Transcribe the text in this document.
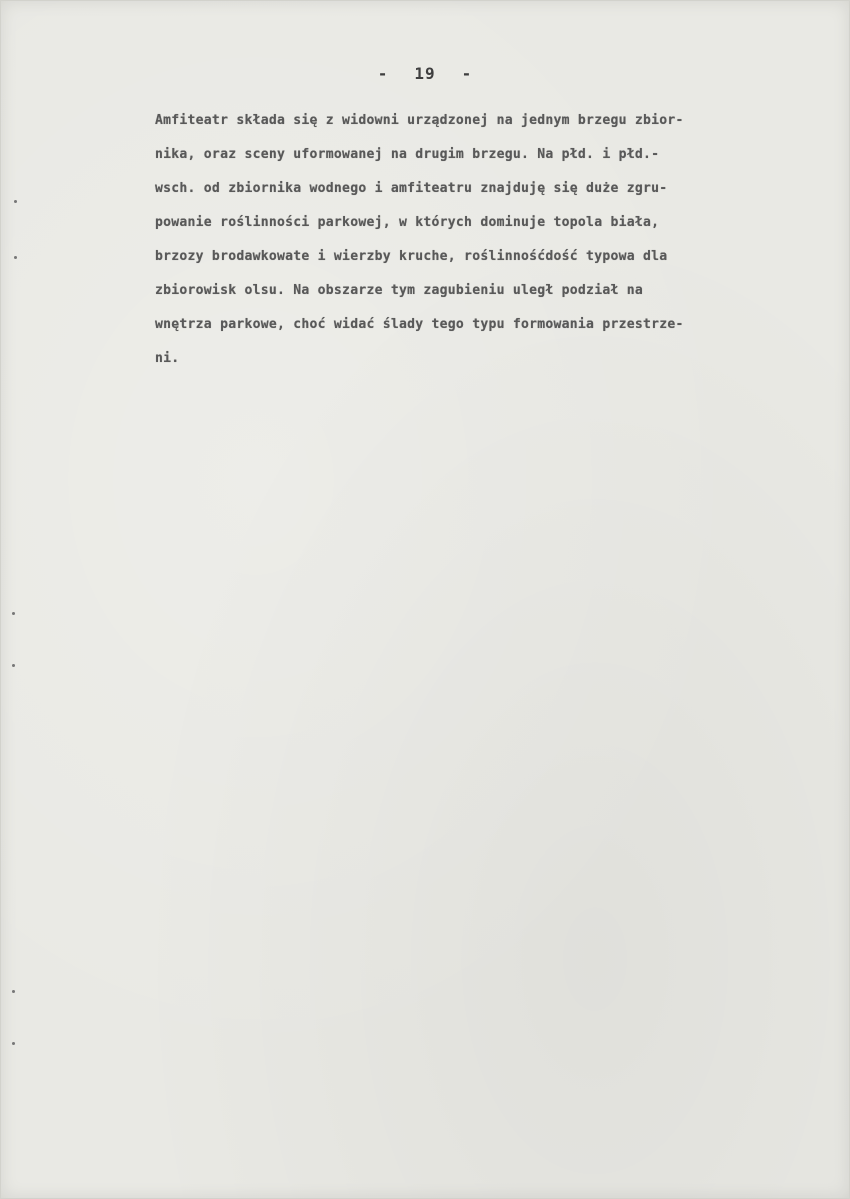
- 19 -
Amfiteatr składa się z widowni urządzonej na jednym brzegu zbior-
nika, oraz sceny uformowanej na drugim brzegu. Na płd. i płd.-
wsch. od zbiornika wodnego i amfiteatru znajduję się duże zgru-
powanie roślinności parkowej, w których dominuje topola biała,
brzozy brodawkowate i wierzby kruche, roślinnośćdość typowa dla
zbiorowisk olsu. Na obszarze tym zagubieniu uległ podział na
wnętrza parkowe, choć widać ślady tego typu formowania przestrze-
ni.
